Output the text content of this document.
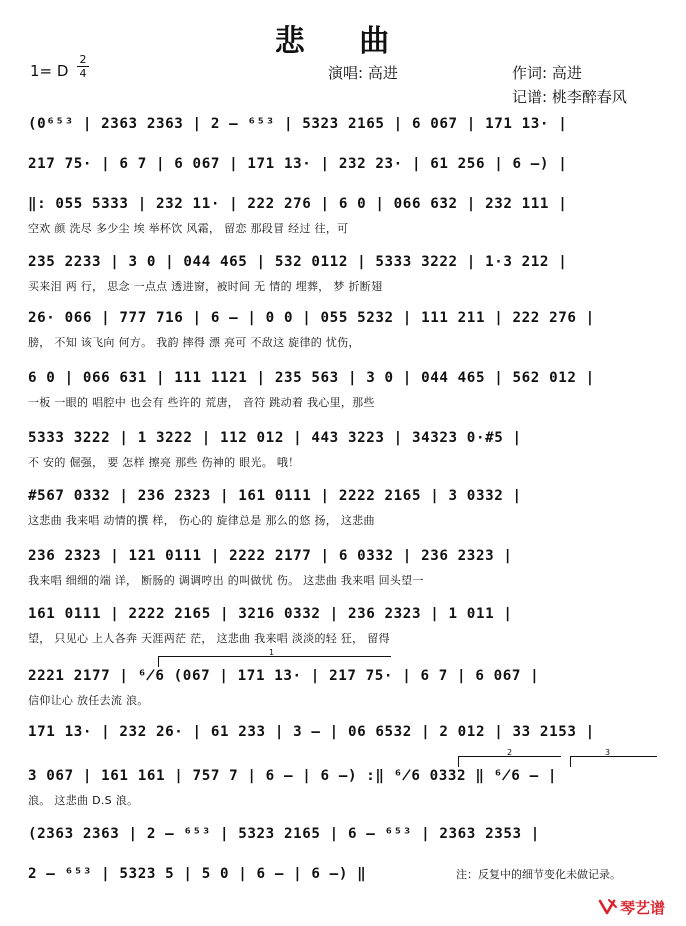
悲 曲
1= D
2
4	演唱: 高进	作词: 高进
记谱: 桃李醉春风
(0⁶⁵³ | 2363 2363 | 2 – ⁶⁵³ | 5323 2165 | 6 067 | 171 13· |
217 75· | 6 7 | 6 067 | 171 13· | 232 23· | 61 256 | 6 –) |
‖: 055 5333 | 232 11· | 222 276 | 6 0 | 066 632 | 232 111 |
空欢 颜 洗尽 多少尘 埃 举杯饮 风霜， 留恋 那段冒 经过 往，可
235 2233 | 3 0 | 044 465 | 532 0112 | 5333 3222 | 1·3 212 |
买来泪 两 行， 思念 一点点 透进窗，被时间 无 情的 埋葬， 梦 折断翅
26· 066 | 777 716 | 6 – | 0 0 | 055 5232 | 111 211 | 222 276 |
膀， 不知 该飞向 何方。 我韵 摔得 漂 亮可 不敌这 旋律的 忧伤，
6 0 | 066 631 | 111 1121 | 235 563 | 3 0 | 044 465 | 562 012 |
一板 一眼的 唱腔中 也会有 些许的 荒唐， 音符 跳动着 我心里，那些
5333 3222 | 1 3222 | 112 012 | 443 3223 | 34323 0·#5 |
不 安的 倔强， 要 怎样 擦亮 那些 伤神的 眼光。 哦！
#567 0332 | 236 2323 | 161 0111 | 2222 2165 | 3 0332 |
这悲曲 我来唱 动情的撰 样， 伤心的 旋律总是 那么的悠 扬， 这悲曲
236 2323 | 121 0111 | 2222 2177 | 6 0332 | 236 2323 |
我来唱 细细的端 详， 断肠的 调调哼出 的叫做忧 伤。 这悲曲 我来唱 回头望一
161 0111 | 2222 2165 | 3216 0332 | 236 2323 | 1 011 |
望， 只见心 上人各奔 天涯两茫 茫， 这悲曲 我来唱 淡淡的轻 狂， 留得
2221 2177 | ⁶̸6 (067 | 171 13· | 217 75· | 6 7 | 6 067 |
信仰让心 放任去流 浪。
1
171 13· | 232 26· | 61 233 | 3 – | 06 6532 | 2 012 | 33 2153 |
2	3
3 067 | 161 161 | 757 7 | 6 – | 6 –) :‖ ⁶̸6 0332 ‖ ⁶̸6 – |
浪。 这悲曲 D.S 浪。
(2363 2363 | 2 – ⁶⁵³ | 5323 2165 | 6 – ⁶⁵³ | 2363 2353 |
2 – ⁶⁵³ | 5323 5 | 5 0 | 6 – | 6 –) ‖	注：反复中的细节变化未做记录。
琴艺谱
